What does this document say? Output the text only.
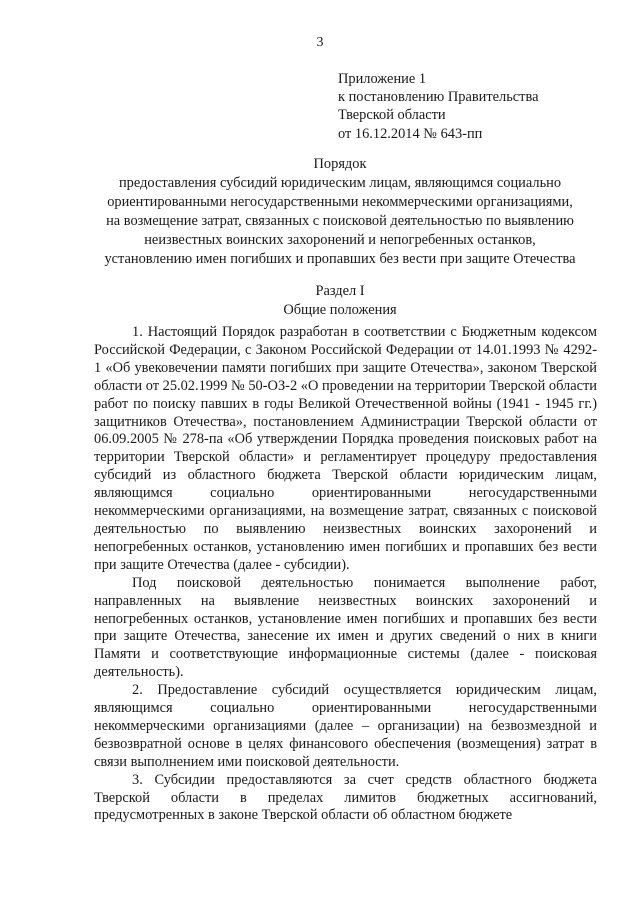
3
Приложение 1
к постановлению Правительства
Тверской области
от 16.12.2014 № 643-пп
Порядок
предоставления субсидий юридическим лицам, являющимся социально
ориентированными негосударственными некоммерческими организациями,
на возмещение затрат, связанных с поисковой деятельностью по выявлению
неизвестных воинских захоронений и непогребенных останков,
установлению имен погибших и пропавших без вести при защите Отечества
Раздел I
Общие положения

1. Настоящий Порядок разработан в соответствии с Бюджетным кодексом Российской Федерации, с Законом Российской Федерации от 14.01.1993 № 4292-1 «Об увековечении памяти погибших при защите Отечества», законом Тверской области от 25.02.1999 № 50-ОЗ-2 «О проведении на территории Тверской области работ по поиску павших в годы Великой Отечественной войны (1941 - 1945 гг.) защитников Отечества», постановлением Администрации Тверской области от 06.09.2005 № 278-па «Об утверждении Порядка проведения поисковых работ на территории Тверской области» и регламентирует процедуру предоставления субсидий из областного бюджета Тверской области юридическим лицам, являющимся социально ориентированными негосударственными некоммерческими организациями, на возмещение затрат, связанных с поисковой деятельностью по выявлению неизвестных воинских захоронений и непогребенных останков, установлению имен погибших и пропавших без вести при защите Отечества (далее - субсидии).

Под поисковой деятельностью понимается выполнение работ, направленных на выявление неизвестных воинских захоронений и непогребенных останков, установление имен погибших и пропавших без вести при защите Отечества, занесение их имен и других сведений о них в книги Памяти и соответствующие информационные системы (далее - поисковая деятельность).

2. Предоставление субсидий осуществляется юридическим лицам, являющимся социально ориентированными негосударственными некоммерческими организациями (далее – организации) на безвозмездной и безвозвратной основе в целях финансового обеспечения (возмещения) затрат в связи выполнением ими поисковой деятельности.

3. Субсидии предоставляются за счет средств областного бюджета Тверской области в пределах лимитов бюджетных ассигнований, предусмотренных в законе Тверской области об областном бюджете
